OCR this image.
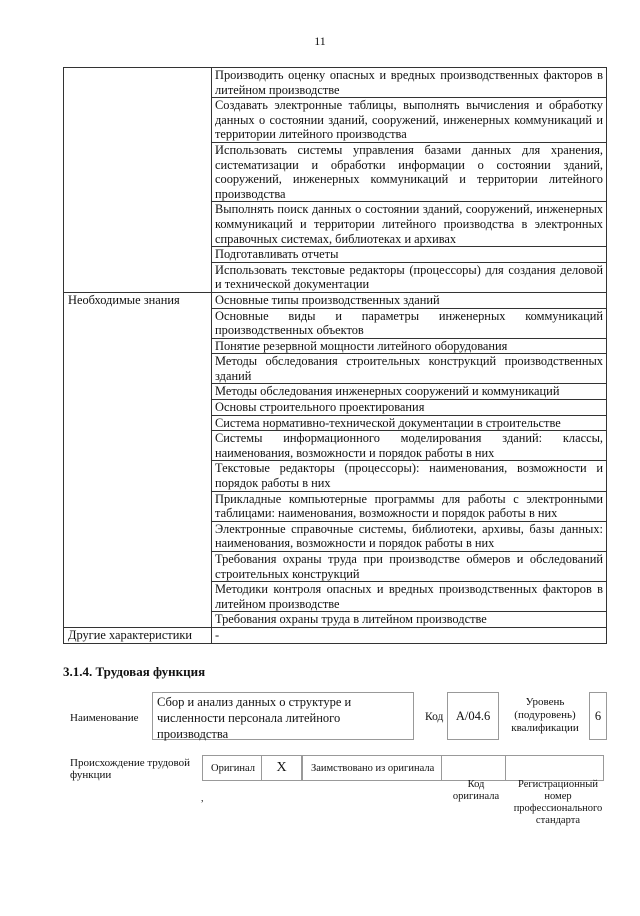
11
	Производить оценку опасных и вредных производственных факторов в литейном производстве
	Создавать электронные таблицы, выполнять вычисления и обработку данных о состоянии зданий, сооружений, инженерных коммуникаций и территории литейного производства
	Использовать системы управления базами данных для хранения, систематизации и обработки информации о состоянии зданий, сооружений, инженерных коммуникаций и территории литейного производства
	Выполнять поиск данных о состоянии зданий, сооружений, инженерных коммуникаций и территории литейного производства в электронных справочных системах, библиотеках и архивах
	Подготавливать отчеты
	Использовать текстовые редакторы (процессоры) для создания деловой и технической документации
Необходимые знания	Основные типы производственных зданий
	Основные виды и параметры инженерных коммуникаций производственных объектов
	Понятие резервной мощности литейного оборудования
	Методы обследования строительных конструкций производственных зданий
	Методы обследования инженерных сооружений и коммуникаций
	Основы строительного проектирования
	Система нормативно-технической документации в строительстве
	Системы информационного моделирования зданий: классы, наименования, возможности и порядок работы в них
	Текстовые редакторы (процессоры): наименования, возможности и порядок работы в них
	Прикладные компьютерные программы для работы с электронными таблицами: наименования, возможности и порядок работы в них
	Электронные справочные системы, библиотеки, архивы, базы данных: наименования, возможности и порядок работы в них
	Требования охраны труда при производстве обмеров и обследований строительных конструкций
	Методики контроля опасных и вредных производственных факторов в литейном производстве
	Требования охраны труда в литейном производстве
Другие характеристики	-
3.1.4. Трудовая функция
Наименование
Сбор и анализ данных о структуре и численности персонала литейного производства
Код A/04.6
Уровень (подуровень) квалификации
6
Происхождение трудовой функции
Оригинал	X	Заимствовано из оригинала
Код оригинала
Регистрационный номер профессионального стандарта
,
